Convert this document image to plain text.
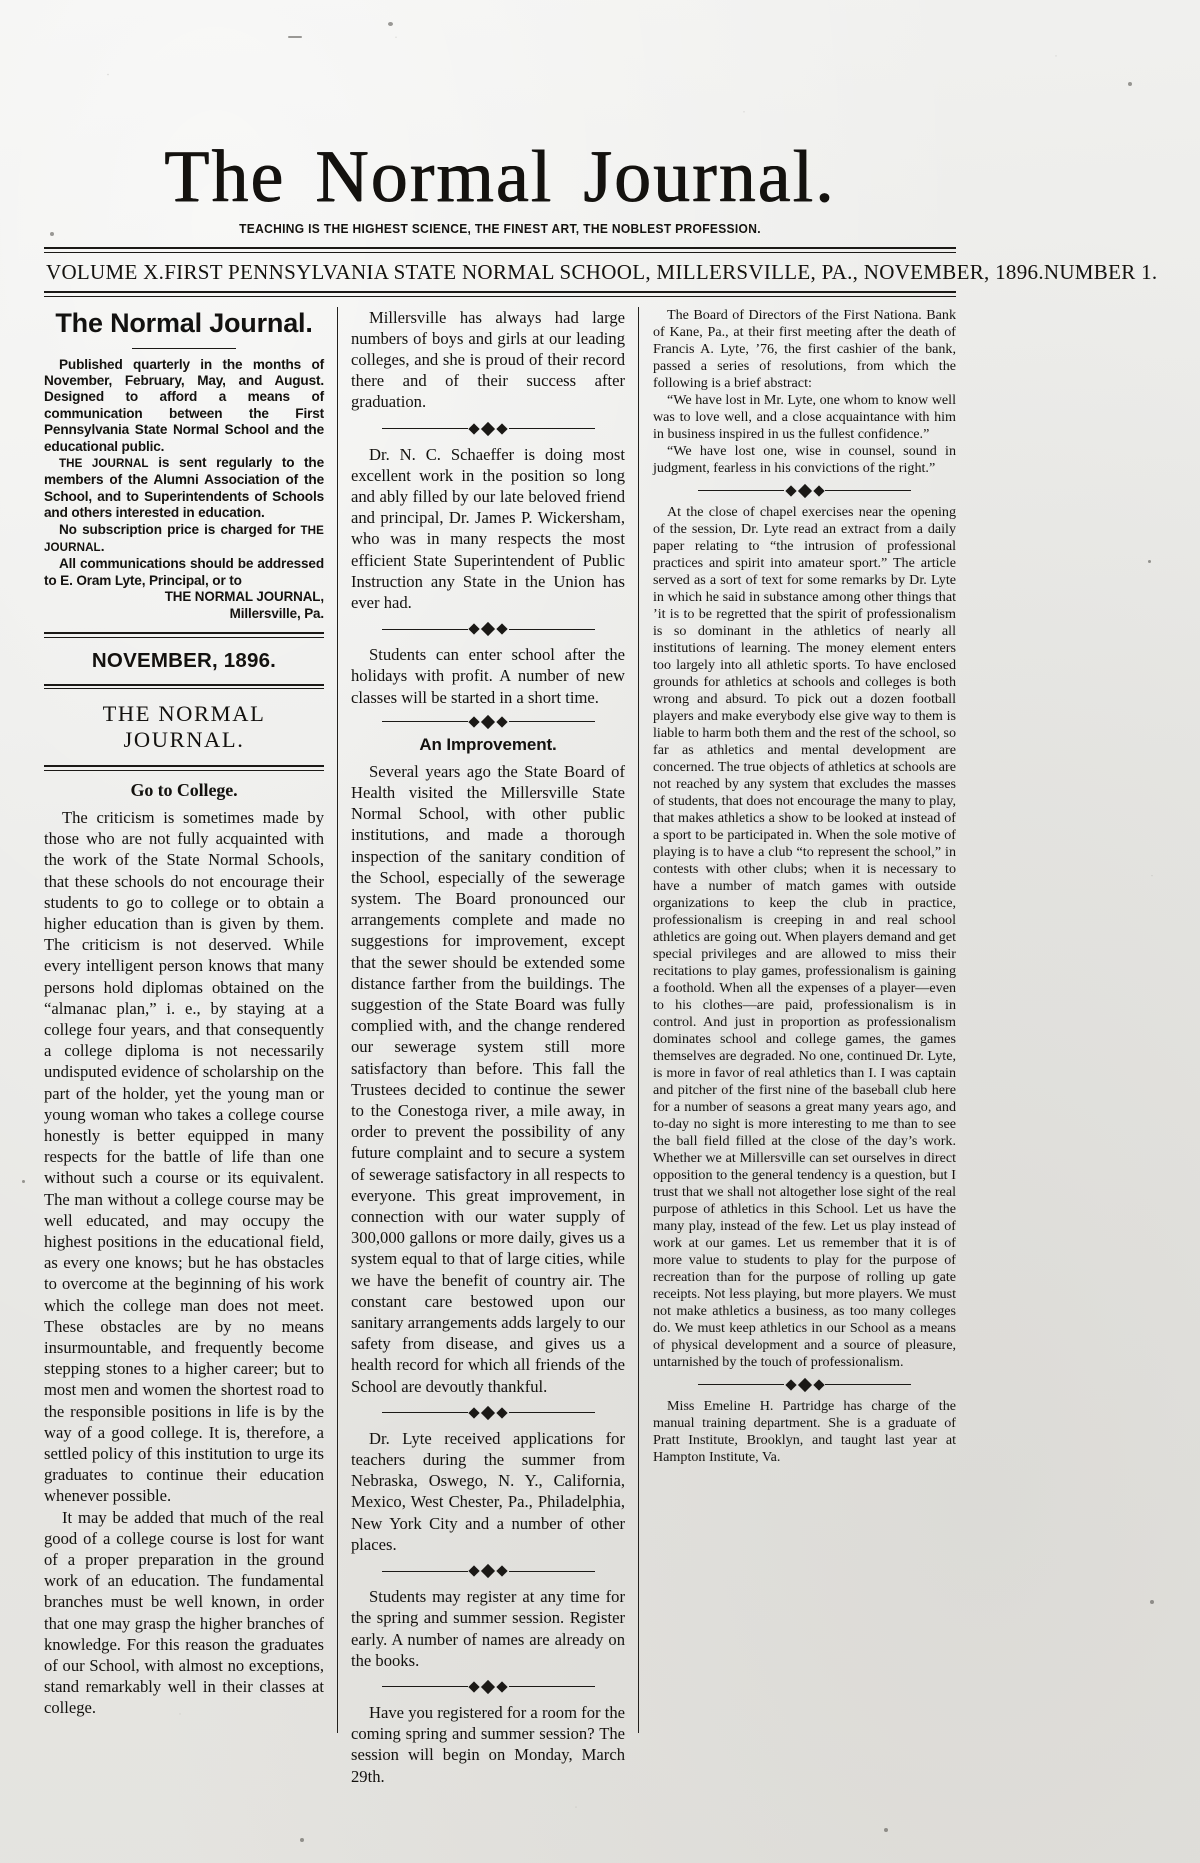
The Normal Journal.
TEACHING IS THE HIGHEST SCIENCE, THE FINEST ART, THE NOBLEST PROFESSION.
VOLUME X. FIRST PENNSYLVANIA STATE NORMAL SCHOOL, MILLERSVILLE, PA., NOVEMBER, 1896. NUMBER 1.
The Normal Journal.

Published quarterly in the months of November, February, May, and August. Designed to afford a means of communication between the First Pennsylvania State Normal School and the educational public.

THE JOURNAL is sent regularly to the members of the Alumni Association of the School, and to Superintendents of Schools and others interested in education.

No subscription price is charged for THE JOURNAL.

All communications should be addressed to E. Oram Lyte, Principal, or to

THE NORMAL JOURNAL,
Millersville, Pa.
NOVEMBER, 1896.
THE NORMAL JOURNAL.
Go to College.

The criticism is sometimes made by those who are not fully acquainted with the work of the State Normal Schools, that these schools do not encourage their students to go to college or to obtain a higher education than is given by them. The criticism is not deserved. While every intelligent person knows that many persons hold diplomas obtained on the “almanac plan,” i. e., by staying at a college four years, and that consequently a college diploma is not necessarily undisputed evidence of scholarship on the part of the holder, yet the young man or young woman who takes a college course honestly is better equipped in many respects for the battle of life than one without such a course or its equivalent. The man without a college course may be well educated, and may occupy the highest positions in the educational field, as every one knows; but he has obstacles to overcome at the beginning of his work which the college man does not meet. These obstacles are by no means insurmountable, and frequently become stepping stones to a higher career; but to most men and women the shortest road to the responsible positions in life is by the way of a good college. It is, therefore, a settled policy of this institution to urge its graduates to continue their education whenever possible.

It may be added that much of the real good of a college course is lost for want of a proper preparation in the ground work of an education. The fundamental branches must be well known, in order that one may grasp the higher branches of knowledge. For this reason the graduates of our School, with almost no exceptions, stand remarkably well in their classes at college.

Millersville has always had large numbers of boys and girls at our leading colleges, and she is proud of their record there and of their success after graduation.

Dr. N. C. Schaeffer is doing most excellent work in the position so long and ably filled by our late beloved friend and principal, Dr. James P. Wickersham, who was in many respects the most efficient State Superintendent of Public Instruction any State in the Union has ever had.

Students can enter school after the holidays with profit. A number of new classes will be started in a short time.

An Improvement.

Several years ago the State Board of Health visited the Millersville State Normal School, with other public institutions, and made a thorough inspection of the sanitary condition of the School, especially of the sewerage system. The Board pronounced our arrangements complete and made no suggestions for improvement, except that the sewer should be extended some distance farther from the buildings. The suggestion of the State Board was fully complied with, and the change rendered our sewerage system still more satisfactory than before. This fall the Trustees decided to continue the sewer to the Conestoga river, a mile away, in order to prevent the possibility of any future complaint and to secure a system of sewerage satisfactory in all respects to everyone. This great improvement, in connection with our water supply of 300,000 gallons or more daily, gives us a system equal to that of large cities, while we have the benefit of country air. The constant care bestowed upon our sanitary arrangements adds largely to our safety from disease, and gives us a health record for which all friends of the School are devoutly thankful.

Dr. Lyte received applications for teachers during the summer from Nebraska, Oswego, N. Y., California, Mexico, West Chester, Pa., Philadelphia, New York City and a number of other places.

Students may register at any time for the spring and summer session. Register early. A number of names are already on the books.

Have you registered for a room for the coming spring and summer session? The session will begin on Monday, March 29th.

The Board of Directors of the First Nationa. Bank of Kane, Pa., at their first meeting after the death of Francis A. Lyte, ’76, the first cashier of the bank, passed a series of resolutions, from which the following is a brief abstract:

“We have lost in Mr. Lyte, one whom to know well was to love well, and a close acquaintance with him in business inspired in us the fullest confidence.”

“We have lost one, wise in counsel, sound in judgment, fearless in his convictions of the right.”

At the close of chapel exercises near the opening of the session, Dr. Lyte read an extract from a daily paper relating to “the intrusion of professional practices and spirit into amateur sport.” The article served as a sort of text for some remarks by Dr. Lyte in which he said in substance among other things that ’it is to be regretted that the spirit of professionalism is so dominant in the athletics of nearly all institutions of learning. The money element enters too largely into all athletic sports. To have enclosed grounds for athletics at schools and colleges is both wrong and absurd. To pick out a dozen football players and make everybody else give way to them is liable to harm both them and the rest of the school, so far as athletics and mental development are concerned. The true objects of athletics at schools are not reached by any system that excludes the masses of students, that does not encourage the many to play, that makes athletics a show to be looked at instead of a sport to be participated in. When the sole motive of playing is to have a club “to represent the school,” in contests with other clubs; when it is necessary to have a number of match games with outside organizations to keep the club in practice, professionalism is creeping in and real school athletics are going out. When players demand and get special privileges and are allowed to miss their recitations to play games, professionalism is gaining a foothold. When all the expenses of a player—even to his clothes—are paid, professionalism is in control. And just in proportion as professionalism dominates school and college games, the games themselves are degraded. No one, continued Dr. Lyte, is more in favor of real athletics than I. I was captain and pitcher of the first nine of the baseball club here for a number of seasons a great many years ago, and to-day no sight is more interesting to me than to see the ball field filled at the close of the day’s work. Whether we at Millersville can set ourselves in direct opposition to the general tendency is a question, but I trust that we shall not altogether lose sight of the real purpose of athletics in this School. Let us have the many play, instead of the few. Let us play instead of work at our games. Let us remember that it is of more value to students to play for the purpose of recreation than for the purpose of rolling up gate receipts. Not less playing, but more players. We must not make athletics a business, as too many colleges do. We must keep athletics in our School as a means of physical development and a source of pleasure, untarnished by the touch of professionalism.

Miss Emeline H. Partridge has charge of the manual training department. She is a graduate of Pratt Institute, Brooklyn, and taught last year at Hampton Institute, Va.
